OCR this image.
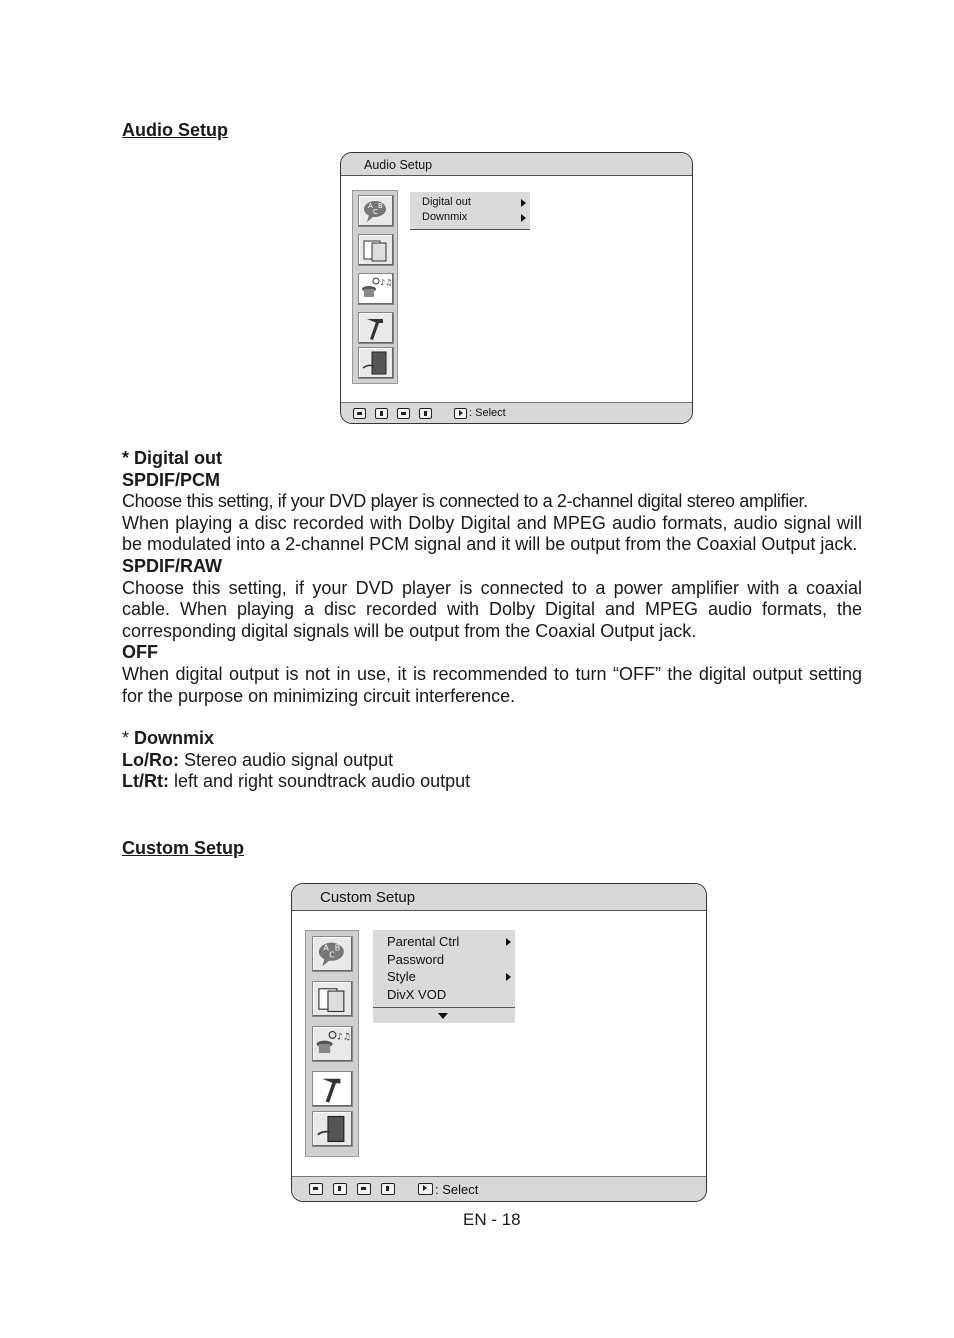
Audio Setup
Audio Setup
A B
C
♪♫
Digital out
Downmix
: Select

* Digital out

SPDIF/PCM

Choose this setting, if your DVD player is connected to a 2-channel digital stereo amplifier.

When playing a disc recorded with Dolby Digital and MPEG audio formats, audio signal will be modulated into a 2-channel PCM signal and it will be output from the Coaxial Output jack.

SPDIF/RAW

Choose this setting, if your DVD player is connected to a power amplifier with a coaxial cable. When playing a disc recorded with Dolby Digital and MPEG audio formats, the corresponding digital signals will be output from the Coaxial Output jack.

OFF

When digital output is not in use, it is recommended to turn “OFF” the digital output setting for the purpose on minimizing circuit interference.

* Downmix

Lo/Ro: Stereo audio signal output

Lt/Rt: left and right soundtrack audio output

Custom Setup
Custom Setup
A B
C
♪♫
Parental Ctrl
Password
Style
DivX VOD
: Select
EN - 18
